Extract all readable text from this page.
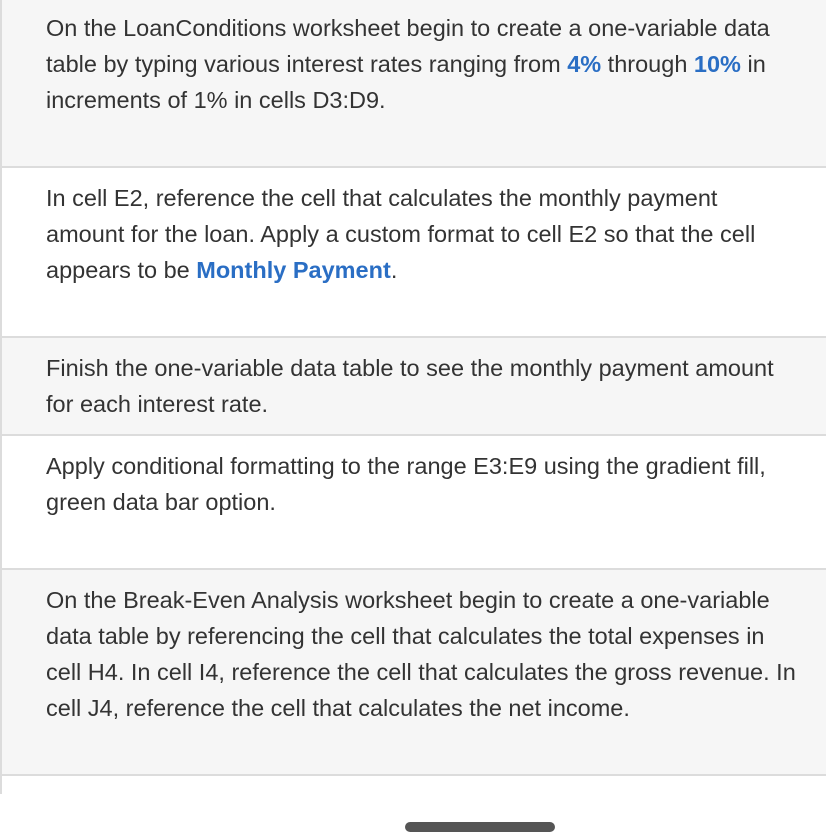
On the LoanConditions worksheet begin to create a one-variable data table by typing various interest rates ranging from 4% through 10% in increments of 1% in cells D3:D9.

In cell E2, reference the cell that calculates the monthly payment amount for the loan. Apply a custom format to cell E2 so that the cell appears to be Monthly Payment.

Finish the one-variable data table to see the monthly payment amount for each interest rate.

Apply conditional formatting to the range E3:E9 using the gradient fill, green data bar option.

On the Break-Even Analysis worksheet begin to create a one-variable data table by referencing the cell that calculates the total expenses in cell H4. In cell I4, reference the cell that calculates the gross revenue. In cell J4, reference the cell that calculates the net income.
